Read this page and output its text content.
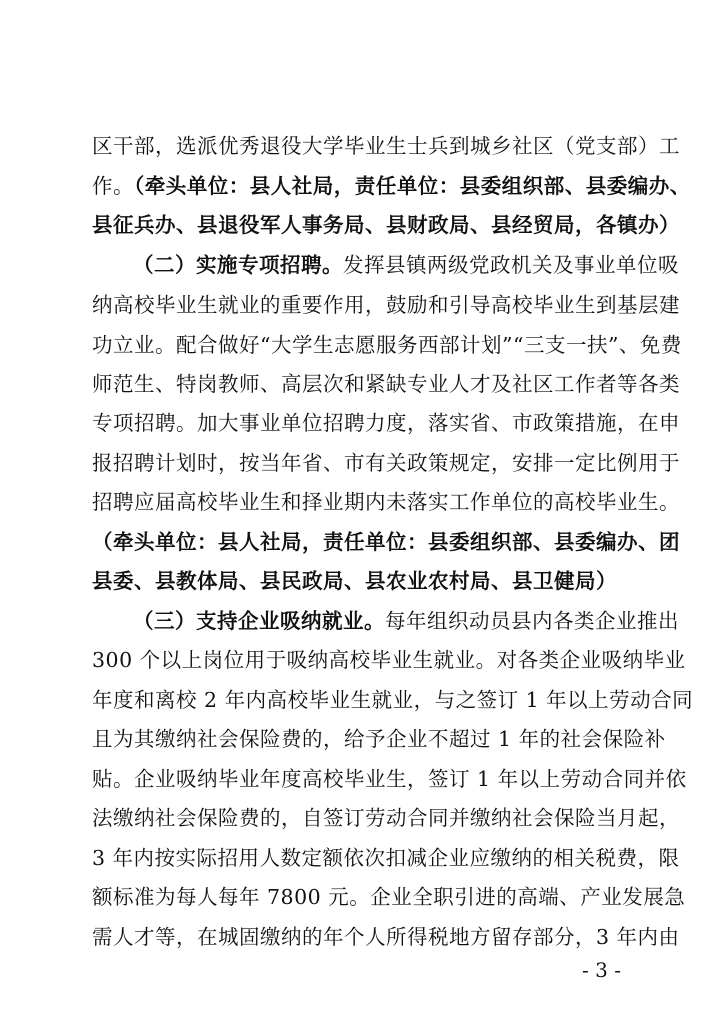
区干部，选派优秀退役大学毕业生士兵到城乡社区（党支部）工
作。（牵头单位：县人社局，责任单位：县委组织部、县委编办、
县征兵办、县退役军人事务局、县财政局、县经贸局，各镇办）
（二）实施专项招聘。发挥县镇两级党政机关及事业单位吸
纳高校毕业生就业的重要作用，鼓励和引导高校毕业生到基层建
功立业。配合做好“大学生志愿服务西部计划”“三支一扶”、免费
师范生、特岗教师、高层次和紧缺专业人才及社区工作者等各类
专项招聘。加大事业单位招聘力度，落实省、市政策措施，在申
报招聘计划时，按当年省、市有关政策规定，安排一定比例用于
招聘应届高校毕业生和择业期内未落实工作单位的高校毕业生。
（牵头单位：县人社局，责任单位：县委组织部、县委编办、团
县委、县教体局、县民政局、县农业农村局、县卫健局）
（三）支持企业吸纳就业。每年组织动员县内各类企业推出
300 个以上岗位用于吸纳高校毕业生就业。对各类企业吸纳毕业
年度和离校 2 年内高校毕业生就业，与之签订 1 年以上劳动合同
且为其缴纳社会保险费的，给予企业不超过 1 年的社会保险补
贴。企业吸纳毕业年度高校毕业生，签订 1 年以上劳动合同并依
法缴纳社会保险费的，自签订劳动合同并缴纳社会保险当月起，
3 年内按实际招用人数定额依次扣减企业应缴纳的相关税费，限
额标准为每人每年 7800 元。企业全职引进的高端、产业发展急
需人才等，在城固缴纳的年个人所得税地方留存部分，3 年内由
- 3 -
